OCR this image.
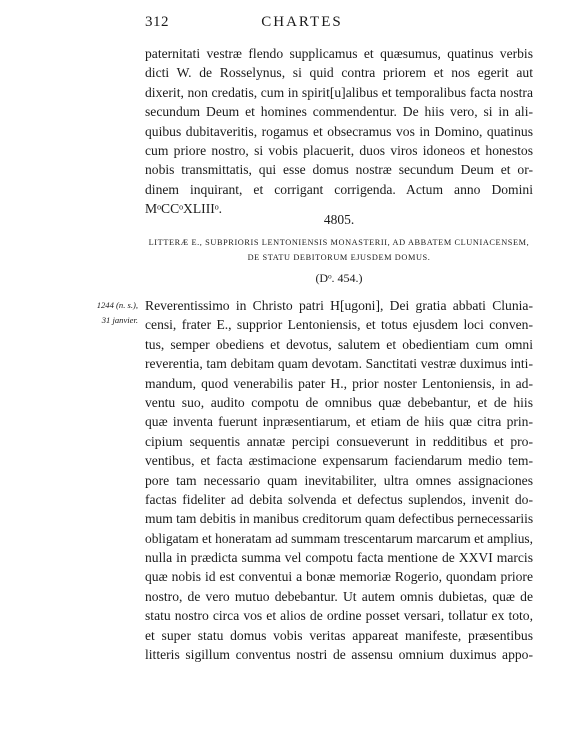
312	CHARTES
paternitati vestræ flendo supplicamus et quæsumus, quatinus verbis
dicti W. de Rosselynus, si quid contra priorem et nos egerit aut
dixerit, non credatis, cum in spirit[u]alibus et temporalibus facta nostra
secundum Deum et homines commendentur. De hiis vero, si in ali-
quibus dubitaveritis, rogamus et obsecramus vos in Domino, quatinus
cum priore nostro, si vobis placuerit, duos viros idoneos et honestos
nobis transmittatis, qui esse domus nostræ secundum Deum et or-
dinem inquirant, et corrigant corrigenda. Actum anno Domini
MᵒCCᵒXLIIIᵒ.
4805.
LITTERÆ E., SUBPRIORIS LENTONIENSIS MONASTERII, AD ABBATEM CLUNIACENSEM,
DE STATU DEBITORUM EJUSDEM DOMUS.
(Dᵒ. 454.)
1244 (n. s.),
31 janvier.
Reverentissimo in Christo patri H[ugoni], Dei gratia abbati Clunia-
censi, frater E., supprior Lentoniensis, et totus ejusdem loci conven-
tus, semper obediens et devotus, salutem et obedientiam cum omni
reverentia, tam debitam quam devotam. Sanctitati vestræ duximus inti-
mandum, quod venerabilis pater H., prior noster Lentoniensis, in ad-
ventu suo, audito compotu de omnibus quæ debebantur, et de hiis
quæ inventa fuerunt inpræsentiarum, et etiam de hiis quæ citra prin-
cipium sequentis annatæ percipi consueverunt in redditibus et pro-
ventibus, et facta æstimacione expensarum faciendarum medio tem-
pore tam necessario quam inevitabiliter, ultra omnes assignaciones
factas fideliter ad debita solvenda et defectus suplendos, invenit do-
mum tam debitis in manibus creditorum quam defectibus pernecessariis
obligatam et honeratam ad summam trescentarum marcarum et amplius,
nulla in prædicta summa vel compotu facta mentione de XXVI marcis
quæ nobis id est conventui a bonæ memoriæ Rogerio, quondam priore
nostro, de vero mutuo debebantur. Ut autem omnis dubietas, quæ de
statu nostro circa vos et alios de ordine posset versari, tollatur ex toto,
et super statu domus vobis veritas appareat manifeste, præsentibus
litteris sigillum conventus nostri de assensu omnium duximus appo-
